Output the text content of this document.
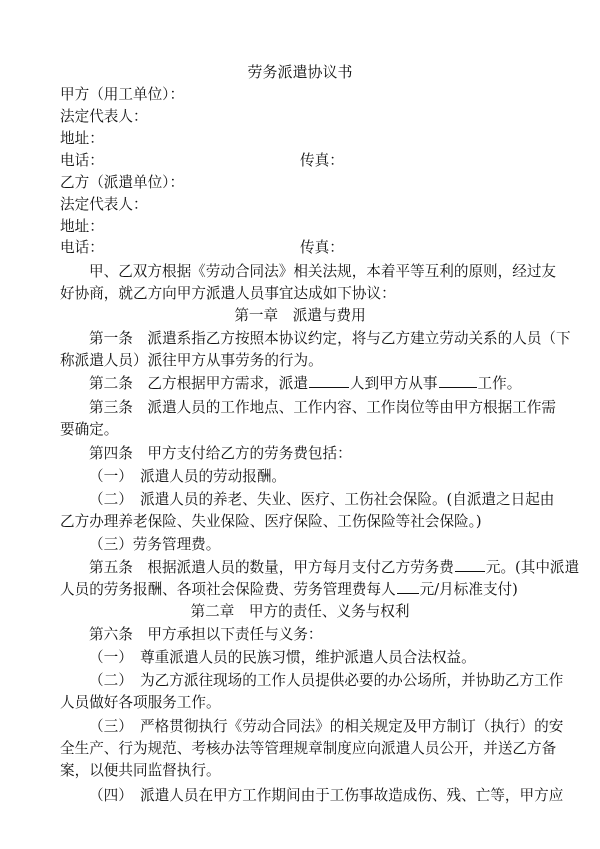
劳务派遣协议书
甲方（用工单位）：
法定代表人：
地址：
电话：	传真：
乙方（派遣单位）：
法定代表人：
地址：
电话：	传真：
甲、乙双方根据《劳动合同法》相关法规，本着平等互利的原则，经过友
好协商，就乙方向甲方派遣人员事宜达成如下协议：
第一章　派遣与费用
第一条　派遣系指乙方按照本协议约定，将与乙方建立劳动关系的人员（下
称派遣人员）派往甲方从事劳务的行为。
第二条　乙方根据甲方需求，派遣	人到甲方从事	工作。
第三条　派遣人员的工作地点、工作内容、工作岗位等由甲方根据工作需
要确定。
第四条　甲方支付给乙方的劳务费包括：
（一）　派遣人员的劳动报酬。
（二）　派遣人员的养老、失业、医疗、工伤社会保险。(自派遣之日起由
乙方办理养老保险、失业保险、医疗保险、工伤保险等社会保险。)
（三）劳务管理费。
第五条　根据派遣人员的数量，甲方每月支付乙方劳务费 元。(其中派遣
人员的劳务报酬、各项社会保险费、劳务管理费每人 元/月标准支付)
第二章　甲方的责任、义务与权利
第六条　甲方承担以下责任与义务：
（一）　尊重派遣人员的民族习惯，维护派遣人员合法权益。
（二）　为乙方派往现场的工作人员提供必要的办公场所，并协助乙方工作
人员做好各项服务工作。
（三）　严格贯彻执行《劳动合同法》的相关规定及甲方制订（执行）的安
全生产、行为规范、考核办法等管理规章制度应向派遣人员公开，并送乙方备
案，以便共同监督执行。
（四）　派遣人员在甲方工作期间由于工伤事故造成伤、残、亡等，甲方应
